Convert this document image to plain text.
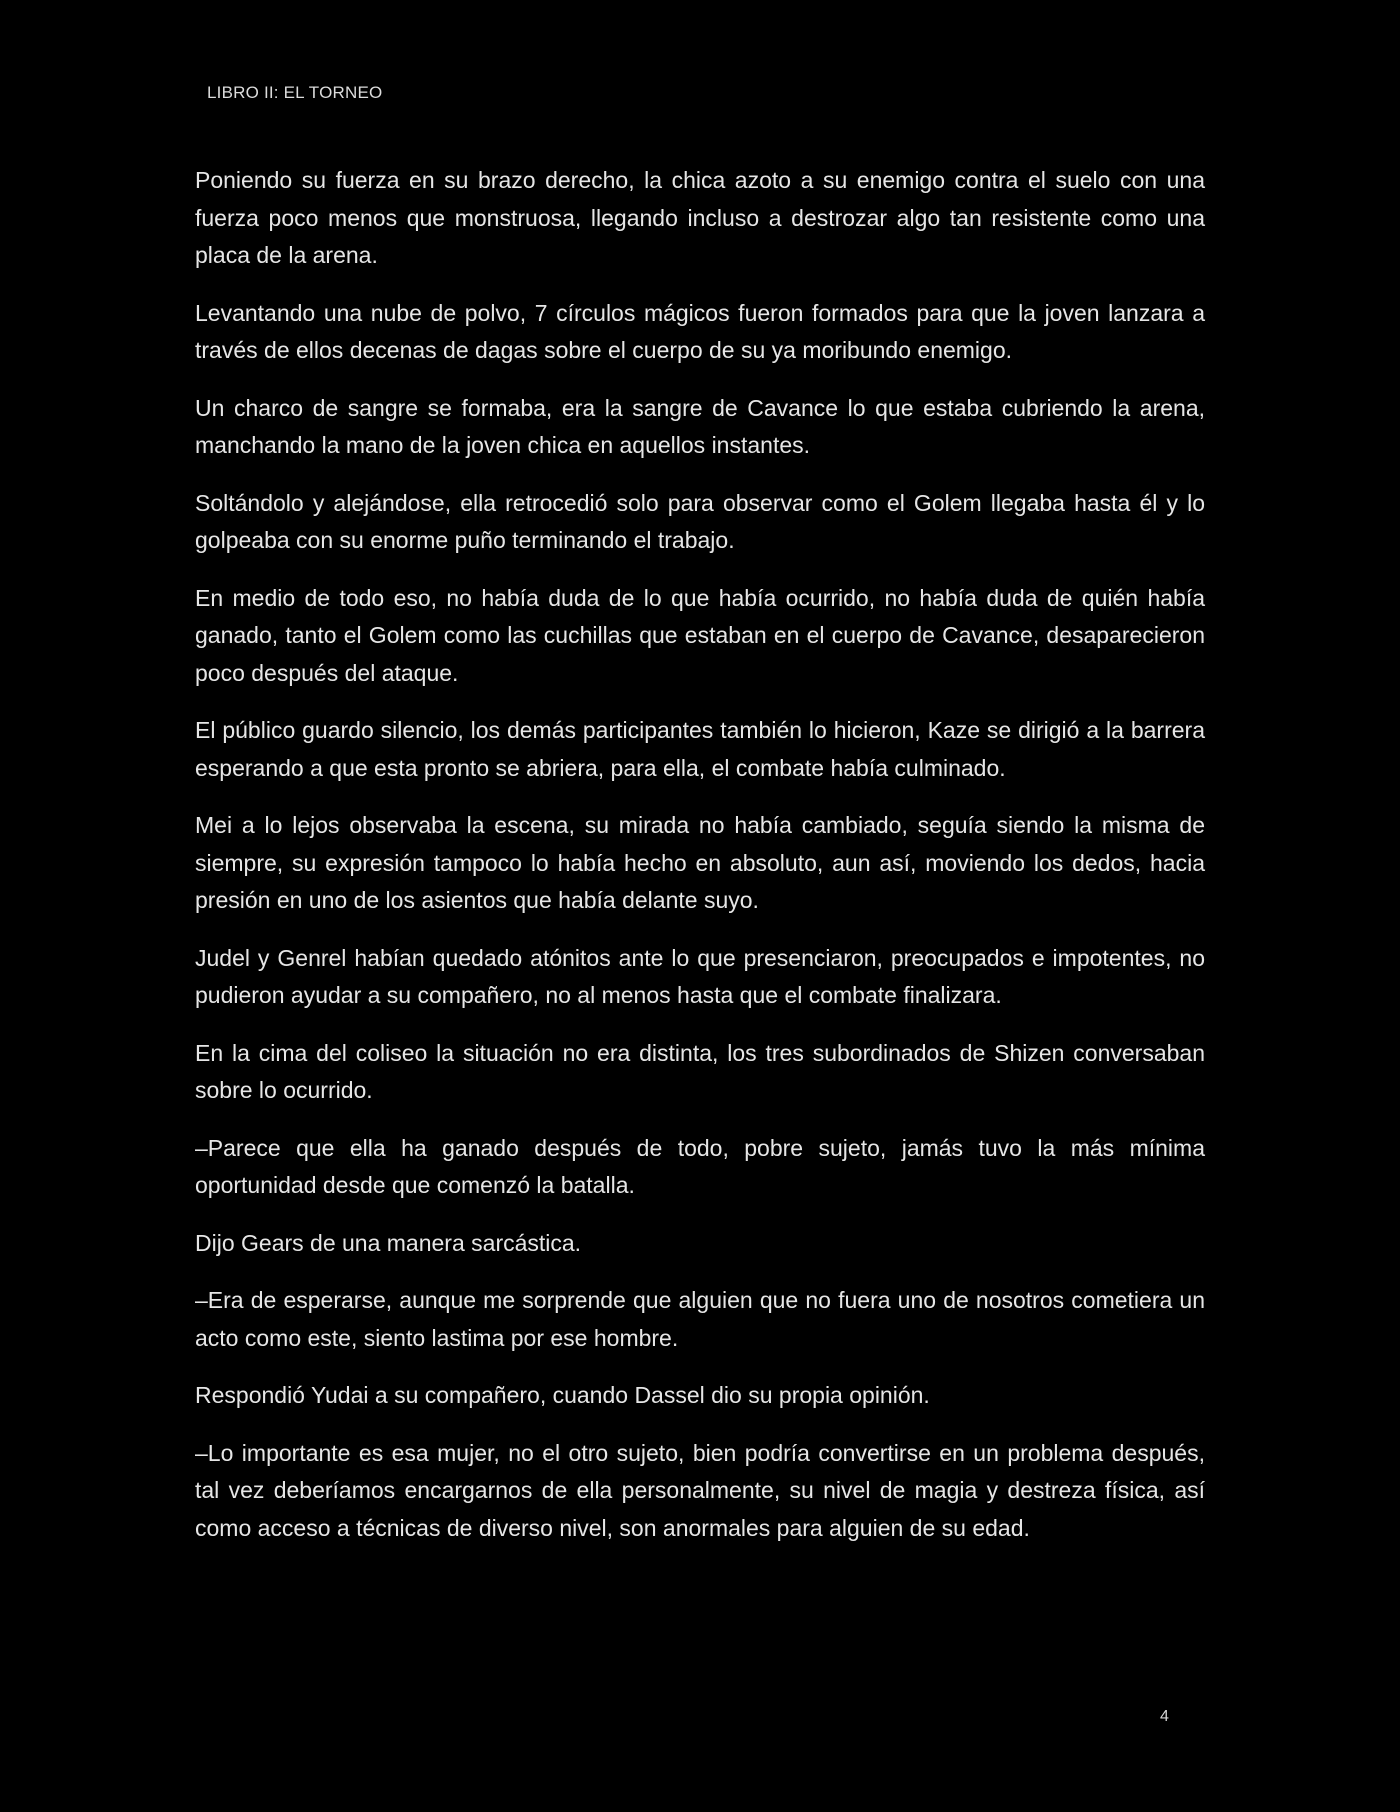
LIBRO II: EL TORNEO

Poniendo su fuerza en su brazo derecho, la chica azoto a su enemigo contra el suelo con una fuerza poco menos que monstruosa, llegando incluso a destrozar algo tan resistente como una placa de la arena.

Levantando una nube de polvo, 7 círculos mágicos fueron formados para que la joven lanzara a través de ellos decenas de dagas sobre el cuerpo de su ya moribundo enemigo.

Un charco de sangre se formaba, era la sangre de Cavance lo que estaba cubriendo la arena, manchando la mano de la joven chica en aquellos instantes.

Soltándolo y alejándose, ella retrocedió solo para observar como el Golem llegaba hasta él y lo golpeaba con su enorme puño terminando el trabajo.

En medio de todo eso, no había duda de lo que había ocurrido, no había duda de quién había ganado, tanto el Golem como las cuchillas que estaban en el cuerpo de Cavance, desaparecieron poco después del ataque.

El público guardo silencio, los demás participantes también lo hicieron, Kaze se dirigió a la barrera esperando a que esta pronto se abriera, para ella, el combate había culminado.

Mei a lo lejos observaba la escena, su mirada no había cambiado, seguía siendo la misma de siempre, su expresión tampoco lo había hecho en absoluto, aun así, moviendo los dedos, hacia presión en uno de los asientos que había delante suyo.

Judel y Genrel habían quedado atónitos ante lo que presenciaron, preocupados e impotentes, no pudieron ayudar a su compañero, no al menos hasta que el combate finalizara.

En la cima del coliseo la situación no era distinta, los tres subordinados de Shizen conversaban sobre lo ocurrido.

–Parece que ella ha ganado después de todo, pobre sujeto, jamás tuvo la más mínima oportunidad desde que comenzó la batalla.

Dijo Gears de una manera sarcástica.

–Era de esperarse, aunque me sorprende que alguien que no fuera uno de nosotros cometiera un acto como este, siento lastima por ese hombre.

Respondió Yudai a su compañero, cuando Dassel dio su propia opinión.

–Lo importante es esa mujer, no el otro sujeto, bien podría convertirse en un problema después, tal vez deberíamos encargarnos de ella personalmente, su nivel de magia y destreza física, así como acceso a técnicas de diverso nivel, son anormales para alguien de su edad.

4
